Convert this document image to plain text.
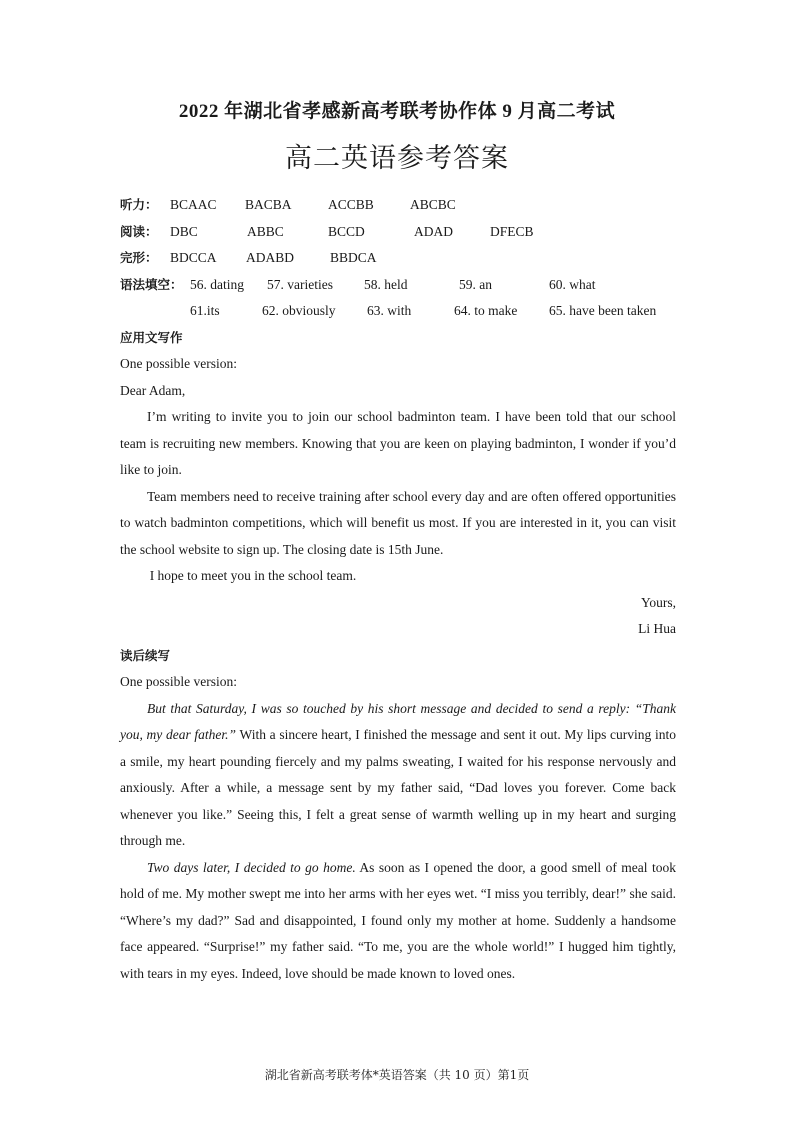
2022 年湖北省孝感新高考联考协作体 9 月高二考试
高二英语参考答案
听力： BCAAC BACBA	ACCBB	ABCBC
阅读： DBC	ABBC	BCCD	ADAD	DFECB
完形： BDCCA ADABD	BBDCA
语法填空： 56. dating 57. varieties 58. held	59. an	60. what
61.its	62. obviously 63. with	64. to make 65. have been taken
应用文写作
One possible version:
Dear Adam,

I’m writing to invite you to join our school badminton team. I have been told that our school team is recruiting new members. Knowing that you are keen on playing badminton, I wonder if you’d like to join.

Team members need to receive training after school every day and are often offered opportunities to watch badminton competitions, which will benefit us most. If you are interested in it, you can visit the school website to sign up. The closing date is 15th June.

I hope to meet you in the school team.

Yours,
Li Hua
读后续写
One possible version:

But that Saturday, I was so touched by his short message and decided to send a reply: “Thank you, my dear father.” With a sincere heart, I finished the message and sent it out. My lips curving into a smile, my heart pounding fiercely and my palms sweating, I waited for his response nervously and anxiously. After a while, a message sent by my father said, “Dad loves you forever. Come back whenever you like.” Seeing this, I felt a great sense of warmth welling up in my heart and surging through me.

Two days later, I decided to go home. As soon as I opened the door, a good smell of meal took hold of me. My mother swept me into her arms with her eyes wet. “I miss you terribly, dear!” she said. “Where’s my dad?” Sad and disappointed, I found only my mother at home. Suddenly a handsome face appeared. “Surprise!” my father said. “To me, you are the whole world!” I hugged him tightly, with tears in my eyes. Indeed, love should be made known to loved ones.

湖北省新高考联考体*英语答案（共 10 页）第1页
